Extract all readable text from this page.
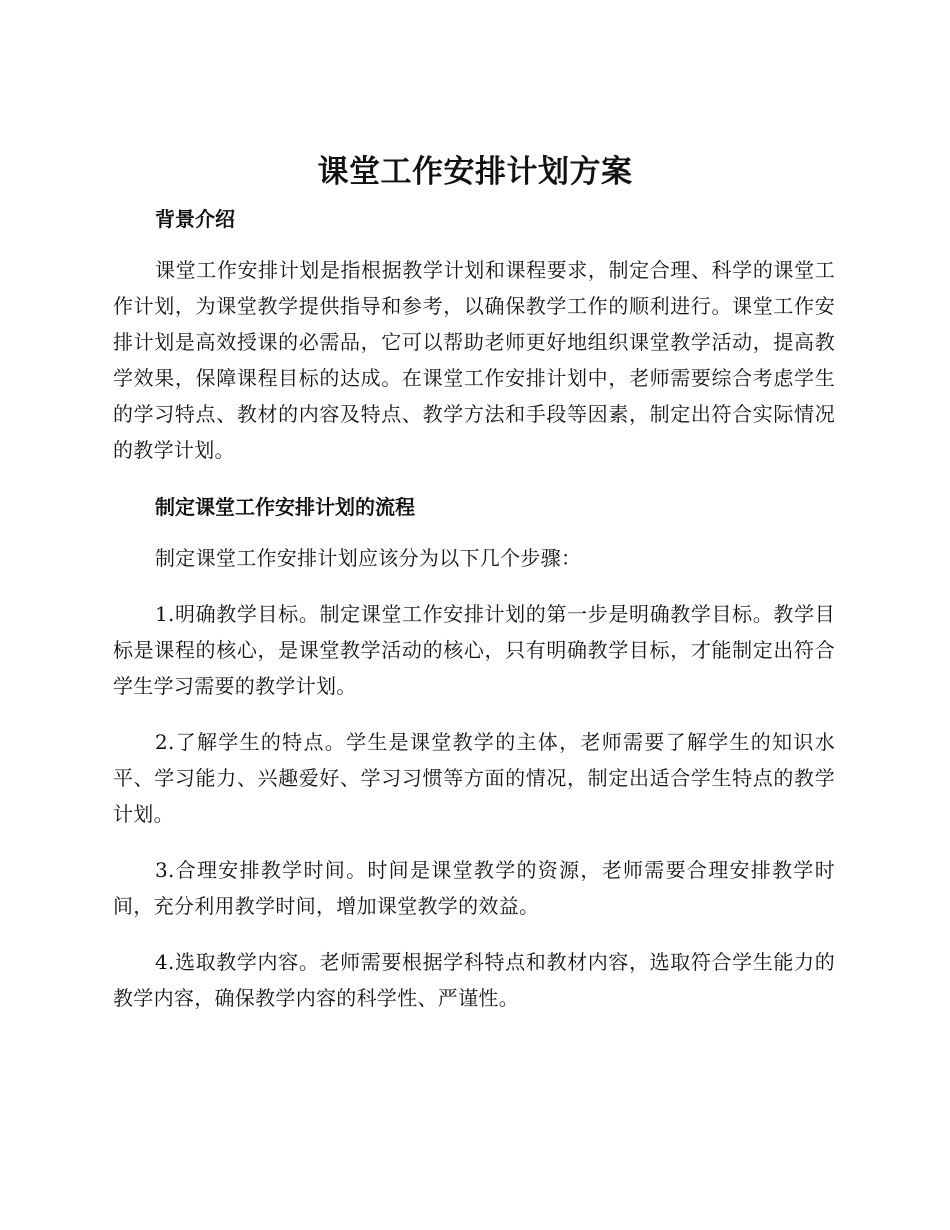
课堂工作安排计划方案
背景介绍

课堂工作安排计划是指根据教学计划和课程要求，制定合理、科学的课堂工作计划，为课堂教学提供指导和参考，以确保教学工作的顺利进行。课堂工作安排计划是高效授课的必需品，它可以帮助老师更好地组织课堂教学活动，提高教学效果，保障课程目标的达成。在课堂工作安排计划中，老师需要综合考虑学生的学习特点、教材的内容及特点、教学方法和手段等因素，制定出符合实际情况的教学计划。

制定课堂工作安排计划的流程

制定课堂工作安排计划应该分为以下几个步骤：

1.明确教学目标。制定课堂工作安排计划的第一步是明确教学目标。教学目标是课程的核心，是课堂教学活动的核心，只有明确教学目标，才能制定出符合学生学习需要的教学计划。

2.了解学生的特点。学生是课堂教学的主体，老师需要了解学生的知识水平、学习能力、兴趣爱好、学习习惯等方面的情况，制定出适合学生特点的教学计划。

3.合理安排教学时间。时间是课堂教学的资源，老师需要合理安排教学时间，充分利用教学时间，增加课堂教学的效益。

4.选取教学内容。老师需要根据学科特点和教材内容，选取符合学生能力的教学内容，确保教学内容的科学性、严谨性。
